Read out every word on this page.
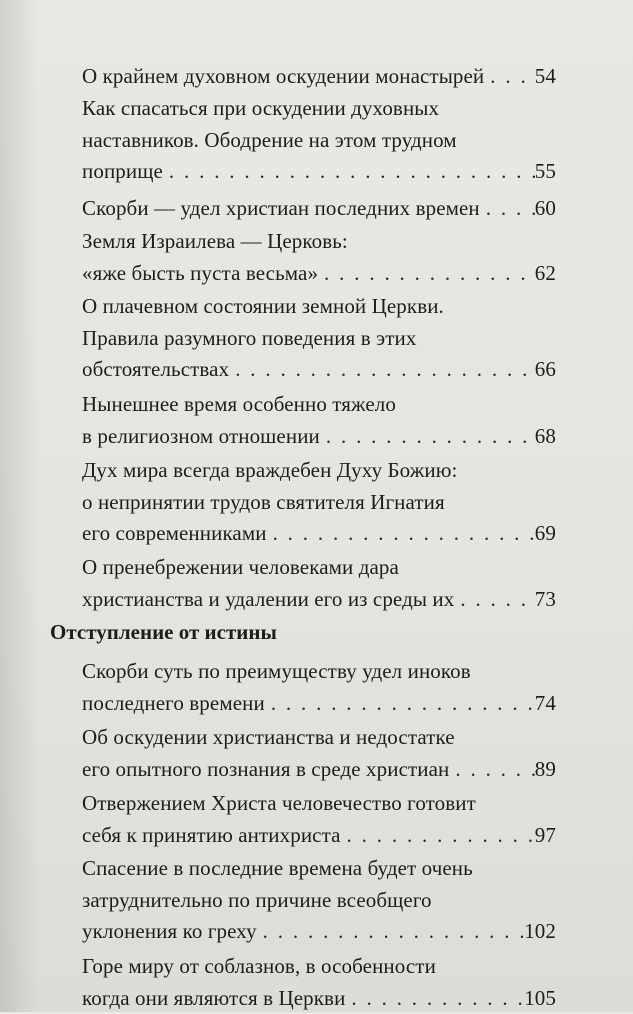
О крайнем духовном оскудении монастырей . . . 54
Как спасаться при оскудении духовных
наставников. Ободрение на этом трудном
поприще . . .	55
Скорби — удел христиан последних времен . . .	60
Земля Израилева — Церковь:
«яже бысть пуста весьма» . . .	62
О плачевном состоянии земной Церкви.
Правила разумного поведения в этих
обстоятельствах . . .	66
Нынешнее время особенно тяжело
в религиозном отношении . . .	68
Дух мира всегда враждебен Духу Божию:
о непринятии трудов святителя Игнатия
его современниками . . .	69
О пренебрежении человеками дара
христианства и удалении его из среды их . . .	73
Отступление от истины
Скорби суть по преимуществу удел иноков
последнего времени . . .	74
Об оскудении христианства и недостатке
его опытного познания в среде христиан . . .	89
Отвержением Христа человечество готовит
себя к принятию антихриста . . .	97
Спасение в последние времена будет очень
затруднительно по причине всеобщего
уклонения ко греху . . .	102
Горе миру от соблазнов, в особенности
когда они являются в Церкви . . .	105
